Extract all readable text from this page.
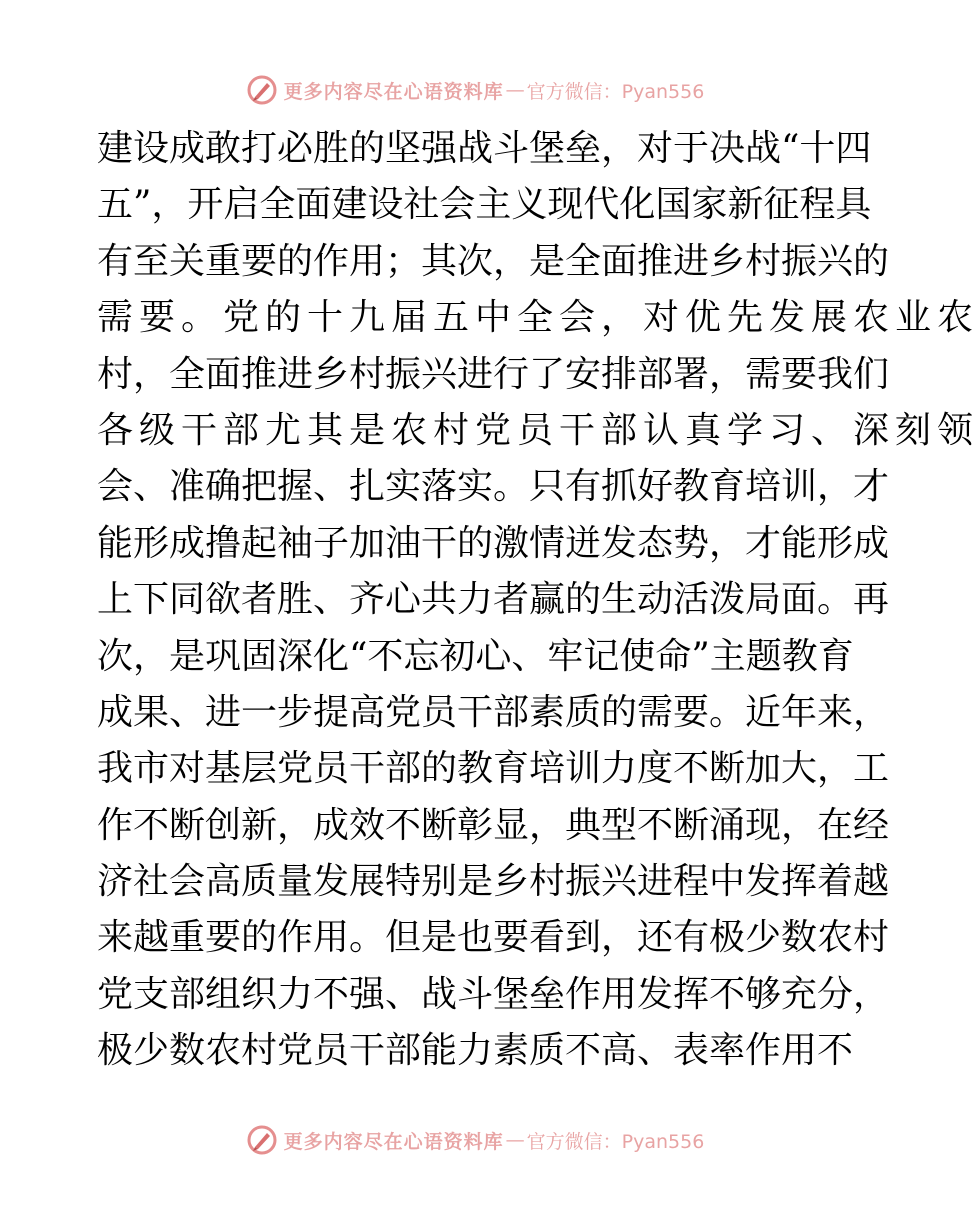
更多内容尽在心语资料库 — 官方微信：Pyan556
建设成敢打必胜的坚强战斗堡垒，对于决战“十四
五”，开启全面建设社会主义现代化国家新征程具
有至关重要的作用；其次，是全面推进乡村振兴的
需要。党的十九届五中全会，对优先发展农业农
村，全面推进乡村振兴进行了安排部署，需要我们
各级干部尤其是农村党员干部认真学习、深刻领
会、准确把握、扎实落实。只有抓好教育培训，才
能形成撸起袖子加油干的激情迸发态势，才能形成
上下同欲者胜、齐心共力者赢的生动活泼局面。再
次，是巩固深化“不忘初心、牢记使命”主题教育
成果、进一步提高党员干部素质的需要。近年来，
我市对基层党员干部的教育培训力度不断加大，工
作不断创新，成效不断彰显，典型不断涌现，在经
济社会高质量发展特别是乡村振兴进程中发挥着越
来越重要的作用。但是也要看到，还有极少数农村
党支部组织力不强、战斗堡垒作用发挥不够充分，
极少数农村党员干部能力素质不高、表率作用不
更多内容尽在心语资料库 — 官方微信：Pyan556
